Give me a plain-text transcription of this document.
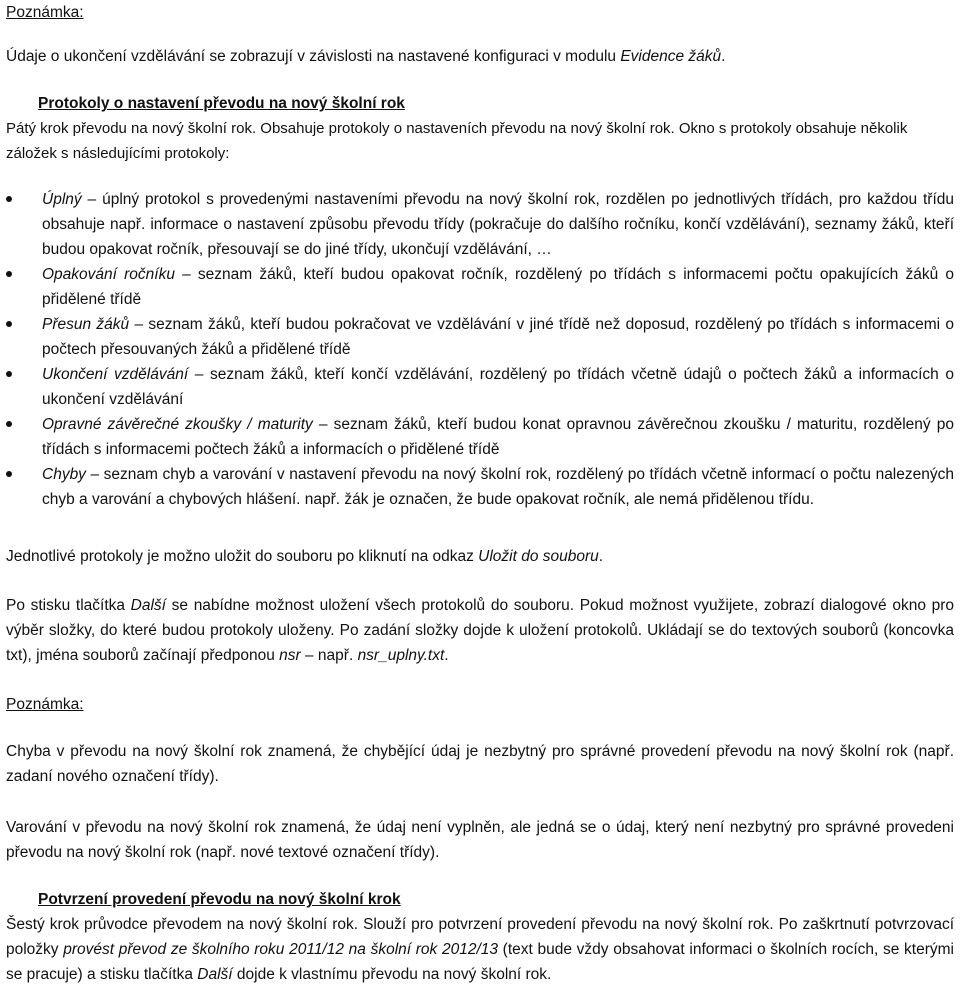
Poznámka:

Údaje o ukončení vzdělávání se zobrazují v závislosti na nastavené konfiguraci v modulu Evidence žáků.

Protokoly o nastavení převodu na nový školní rok

Pátý krok převodu na nový školní rok. Obsahuje protokoly o nastaveních převodu na nový školní rok. Okno s protokoly obsahuje několik záložek s následujícími protokoly:

Úplný – úplný protokol s provedenými nastaveními převodu na nový školní rok, rozdělen po jednotlivých třídách, pro každou třídu obsahuje např. informace o nastavení způsobu převodu třídy (pokračuje do dalšího ročníku, končí vzdělávání), seznamy žáků, kteří budou opakovat ročník, přesouvají se do jiné třídy, ukončují vzdělávání, …
Opakování ročníku – seznam žáků, kteří budou opakovat ročník, rozdělený po třídách s informacemi počtu opakujících žáků o přidělené třídě
Přesun žáků – seznam žáků, kteří budou pokračovat ve vzdělávání v jiné třídě než doposud, rozdělený po třídách s informacemi o počtech přesouvaných žáků a přidělené třídě
Ukončení vzdělávání – seznam žáků, kteří končí vzdělávání, rozdělený po třídách včetně údajů o počtech žáků a informacích o ukončení vzdělávání
Opravné závěrečné zkoušky / maturity – seznam žáků, kteří budou konat opravnou závěrečnou zkoušku / maturitu, rozdělený po třídách s informacemi počtech žáků a informacích o přidělené třídě
Chyby – seznam chyb a varování v nastavení převodu na nový školní rok, rozdělený po třídách včetně informací o počtu nalezených chyb a varování a chybových hlášení. např. žák je označen, že bude opakovat ročník, ale nemá přidělenou třídu.

Jednotlivé protokoly je možno uložit do souboru po kliknutí na odkaz Uložit do souboru.

Po stisku tlačítka Další se nabídne možnost uložení všech protokolů do souboru. Pokud možnost využijete, zobrazí dialogové okno pro výběr složky, do které budou protokoly uloženy. Po zadání složky dojde k uložení protokolů. Ukládají se do textových souborů (koncovka txt), jména souborů začínají předponou nsr – např. nsr_uplny.txt.

Poznámka:

Chyba v převodu na nový školní rok znamená, že chybějící údaj je nezbytný pro správné provedení převodu na nový školní rok (např. zadaní nového označení třídy).

Varování v převodu na nový školní rok znamená, že údaj není vyplněn, ale jedná se o údaj, který není nezbytný pro správné provedeni převodu na nový školní rok (např. nové textové označení třídy).

Potvrzení provedení převodu na nový školní krok

Šestý krok průvodce převodem na nový školní rok. Slouží pro potvrzení provedení převodu na nový školní rok. Po zaškrtnutí potvrzovací položky provést převod ze školního roku 2011/12 na školní rok 2012/13 (text bude vždy obsahovat informaci o školních rocích, se kterými se pracuje) a stisku tlačítka Další dojde k vlastnímu převodu na nový školní rok.
